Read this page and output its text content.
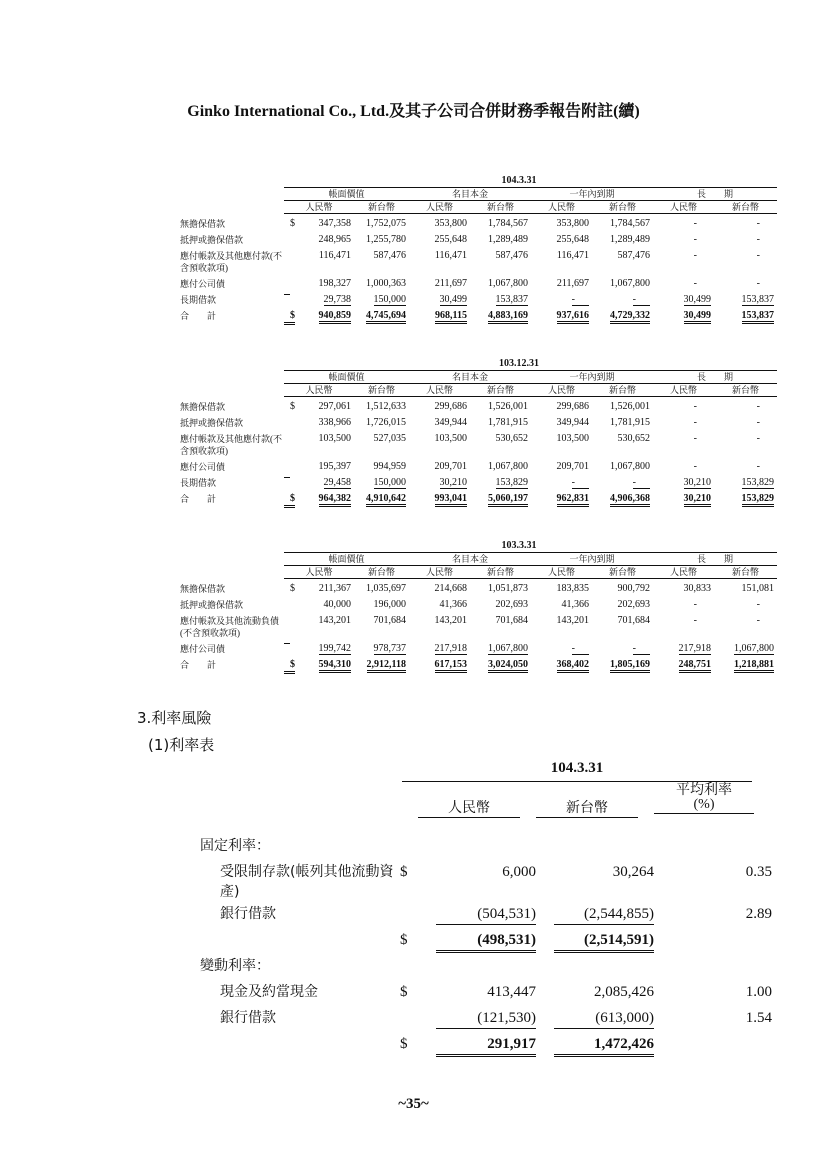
Ginko International Co., Ltd.及其子公司合併財務季報告附註(續)
104.3.31
	帳面價值		名目本金		一年內到期		長　　期	
	人民幣	新台幣	人民幣	新台幣	人民幣	新台幣	人民幣	新台幣
無擔保借款	$ 347,358	1,752,075	353,800	1,784,567	353,800	1,784,567	-	-
抵押或擔保借款	248,965	1,255,780	255,648	1,289,489	255,648	1,289,489	-	-
應付帳款及其他應付款(不含預收款項)	116,471	587,476	116,471	587,476	116,471	587,476	-	-
應付公司債	198,327	1,000,363	211,697	1,067,800	211,697	1,067,800	-	-
長期借款	29,738	150,000	30,499	153,837	-	-	30,499	153,837
合　　計	$ 940,859	4,745,694	968,115	4,883,169	937,616	4,729,332	30,499	153,837
103.12.31
	帳面價值		名目本金		一年內到期		長　　期	
	人民幣	新台幣	人民幣	新台幣	人民幣	新台幣	人民幣	新台幣
無擔保借款	$ 297,061	1,512,633	299,686	1,526,001	299,686	1,526,001	-	-
抵押或擔保借款	338,966	1,726,015	349,944	1,781,915	349,944	1,781,915	-	-
應付帳款及其他應付款(不含預收款項)	103,500	527,035	103,500	530,652	103,500	530,652	-	-
應付公司債	195,397	994,959	209,701	1,067,800	209,701	1,067,800	-	-
長期借款	29,458	150,000	30,210	153,829	-	-	30,210	153,829
合　　計	$ 964,382	4,910,642	993,041	5,060,197	962,831	4,906,368	30,210	153,829
103.3.31
	帳面價值		名目本金		一年內到期		長　　期	
	人民幣	新台幣	人民幣	新台幣	人民幣	新台幣	人民幣	新台幣
無擔保借款	$ 211,367	1,035,697	214,668	1,051,873	183,835	900,792	30,833	151,081
抵押或擔保借款	40,000	196,000	41,366	202,693	41,366	202,693	-	-
應付帳款及其他流動負債(不含預收款項)	143,201	701,684	143,201	701,684	143,201	701,684	-	-
應付公司債	199,742	978,737	217,918	1,067,800	-	-	217,918	1,067,800
合　　計	$ 594,310	2,912,118	617,153	3,024,050	368,402	1,805,169	248,751	1,218,881
3.利率風險
(1)利率表
104.3.31
人民幣	新台幣
平均利率
(%)
固定利率：				
受限制存款(帳列其他流動資產)	$	6,000	30,264	0.35
銀行借款		(504,531)	(2,544,855)	2.89
	$	(498,531)	(2,514,591)	
變動利率：				
現金及約當現金	$	413,447	2,085,426	1.00
銀行借款		(121,530)	(613,000)	1.54
	$	291,917	1,472,426	
~35~
